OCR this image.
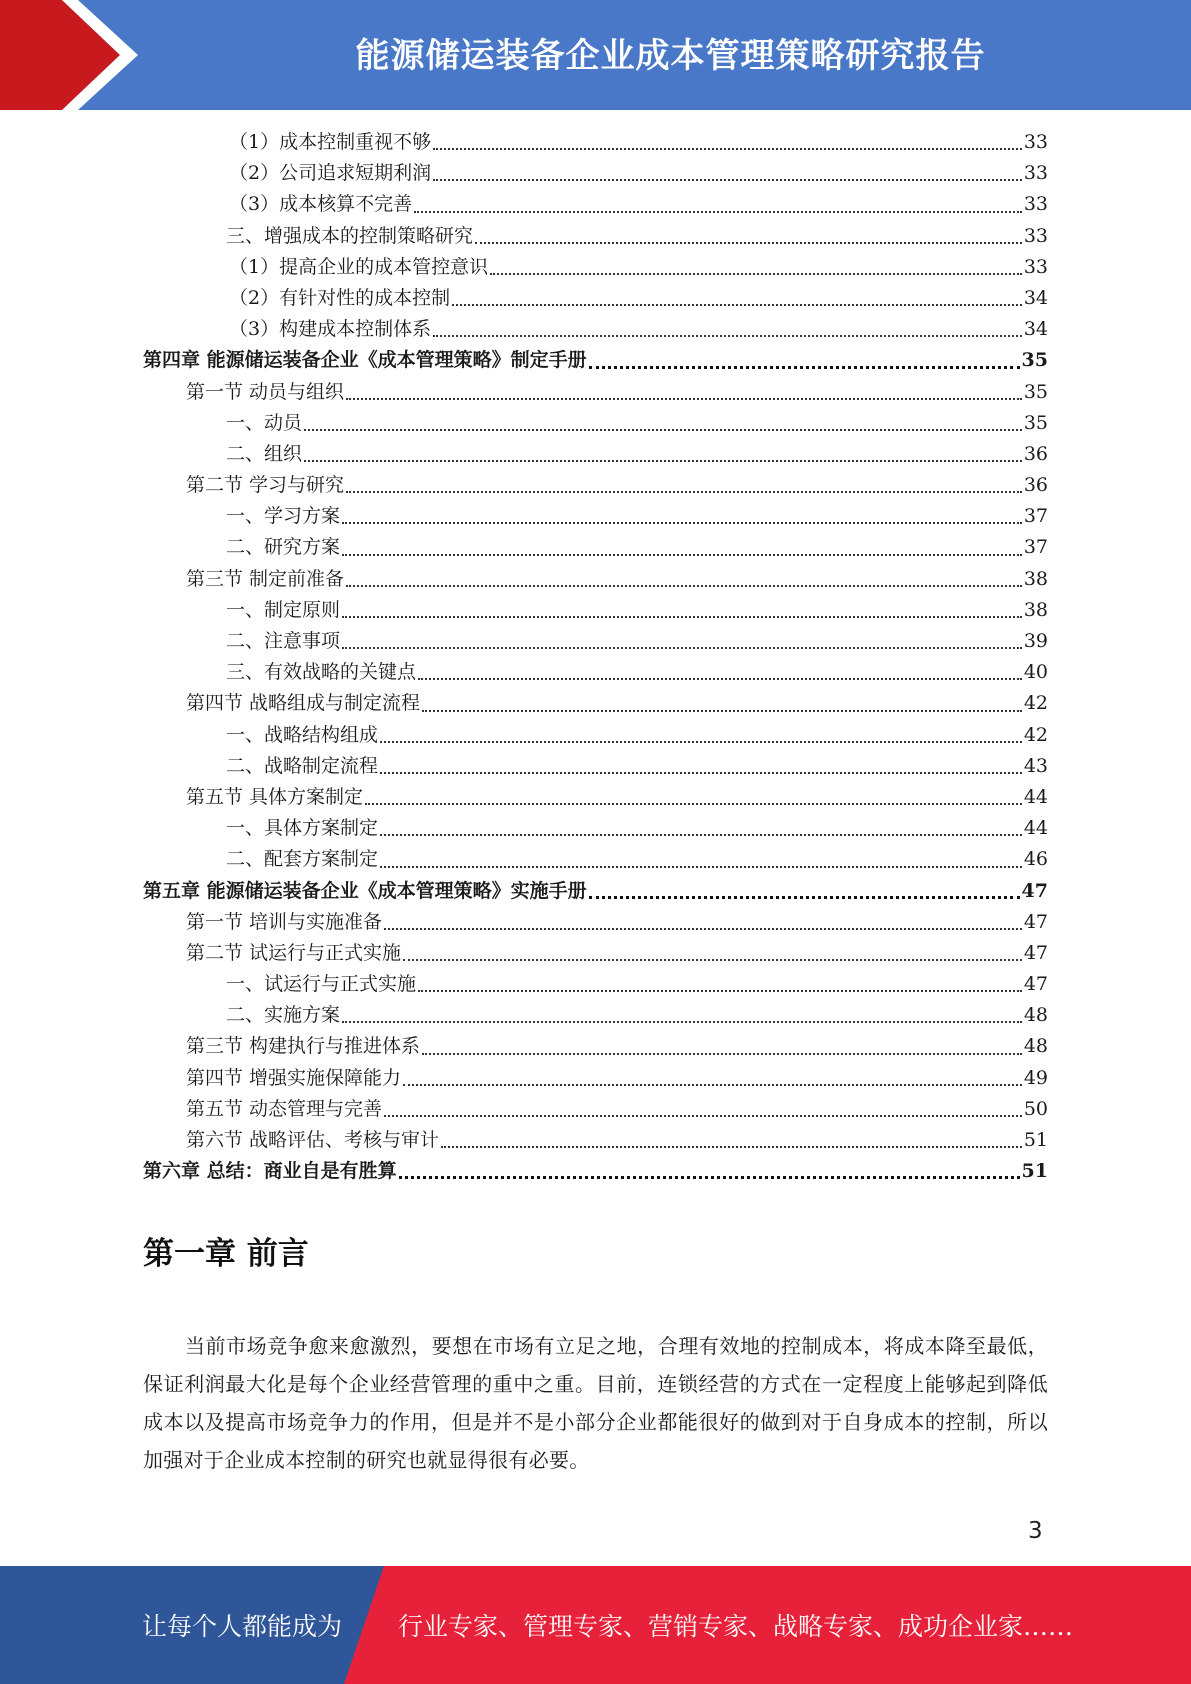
能源储运装备企业成本管理策略研究报告
（1）成本控制重视不够	33
（2）公司追求短期利润	33
（3）成本核算不完善	33
三、增强成本的控制策略研究	33
（1）提高企业的成本管控意识	33
（2）有针对性的成本控制	34
（3）构建成本控制体系	34
第四章 能源储运装备企业《成本管理策略》制定手册	35
第一节 动员与组织	35
一、动员	35
二、组织	36
第二节 学习与研究	36
一、学习方案	37
二、研究方案	37
第三节 制定前准备	38
一、制定原则	38
二、注意事项	39
三、有效战略的关键点	40
第四节 战略组成与制定流程	42
一、战略结构组成	42
二、战略制定流程	43
第五节 具体方案制定	44
一、具体方案制定	44
二、配套方案制定	46
第五章 能源储运装备企业《成本管理策略》实施手册	47
第一节 培训与实施准备	47
第二节 试运行与正式实施	47
一、试运行与正式实施	47
二、实施方案	48
第三节 构建执行与推进体系	48
第四节 增强实施保障能力	49
第五节 动态管理与完善	50
第六节 战略评估、考核与审计	51
第六章 总结：商业自是有胜算	51
第一章 前言
当前市场竞争愈来愈激烈，要想在市场有立足之地，合理有效地的控制成本，将成本降至最低，保证利润最大化是每个企业经营管理的重中之重。目前，连锁经营的方式在一定程度上能够起到降低成本以及提高市场竞争力的作用，但是并不是小部分企业都能很好的做到对于自身成本的控制，所以加强对于企业成本控制的研究也就显得很有必要。
3
让每个人都能成为 行业专家、管理专家、营销专家、战略专家、成功企业家……
